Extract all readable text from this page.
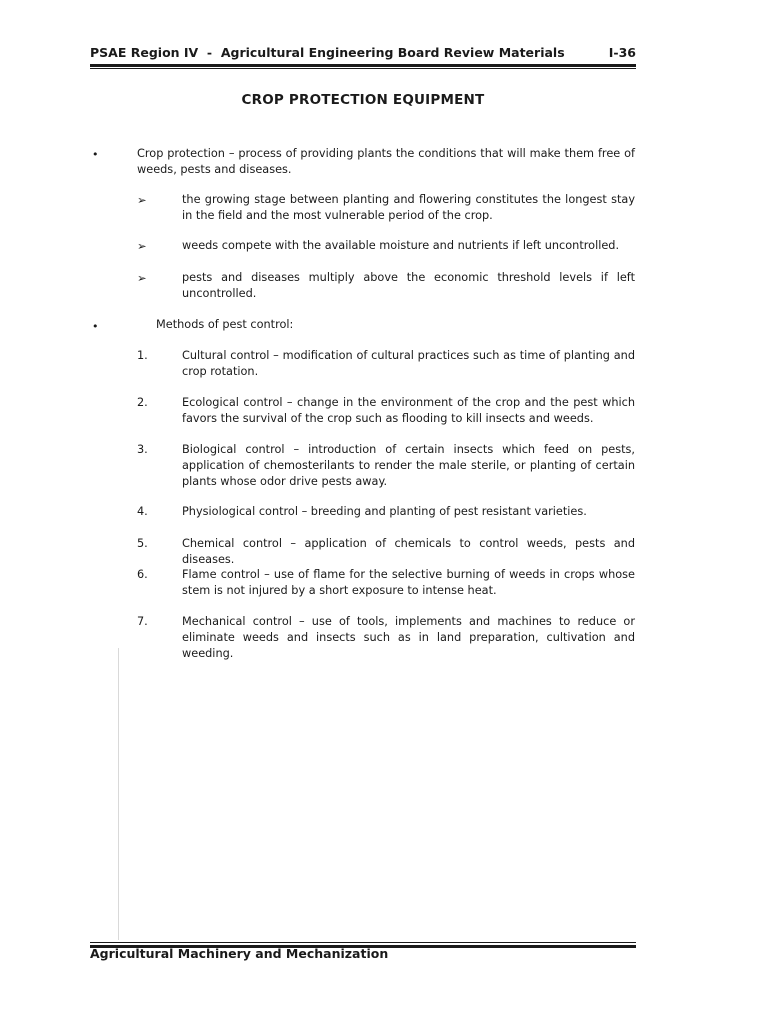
PSAE Region IV  -  Agricultural Engineering Board Review Materials	I-36
CROP PROTECTION EQUIPMENT
•	Crop protection – process of providing plants the conditions that will make them free of weeds, pests and diseases.
➢	the growing stage between planting and flowering constitutes the longest stay in the field and the most vulnerable period of the crop.
➢	weeds compete with the available moisture and nutrients if left uncontrolled.
➢	pests and diseases multiply above the economic threshold levels if left uncontrolled.
•	Methods of pest control:
1.	Cultural control – modification of cultural practices such as time of planting and crop rotation.
2.	Ecological control – change in the environment of the crop and the pest which favors the survival of the crop such as flooding to kill insects and weeds.
3.	Biological control – introduction of certain insects which feed on pests, application of chemosterilants to render the male sterile, or planting of certain plants whose odor drive pests away.
4.	Physiological control – breeding and planting of pest resistant varieties.
5.	Chemical control – application of chemicals to control weeds, pests and diseases.
6.	Flame control – use of flame for the selective burning of weeds in crops whose stem is not injured by a short exposure to intense heat.
7.	Mechanical control – use of tools, implements and machines to reduce or eliminate weeds and insects such as in land preparation, cultivation and weeding.
Agricultural Machinery and Mechanization
